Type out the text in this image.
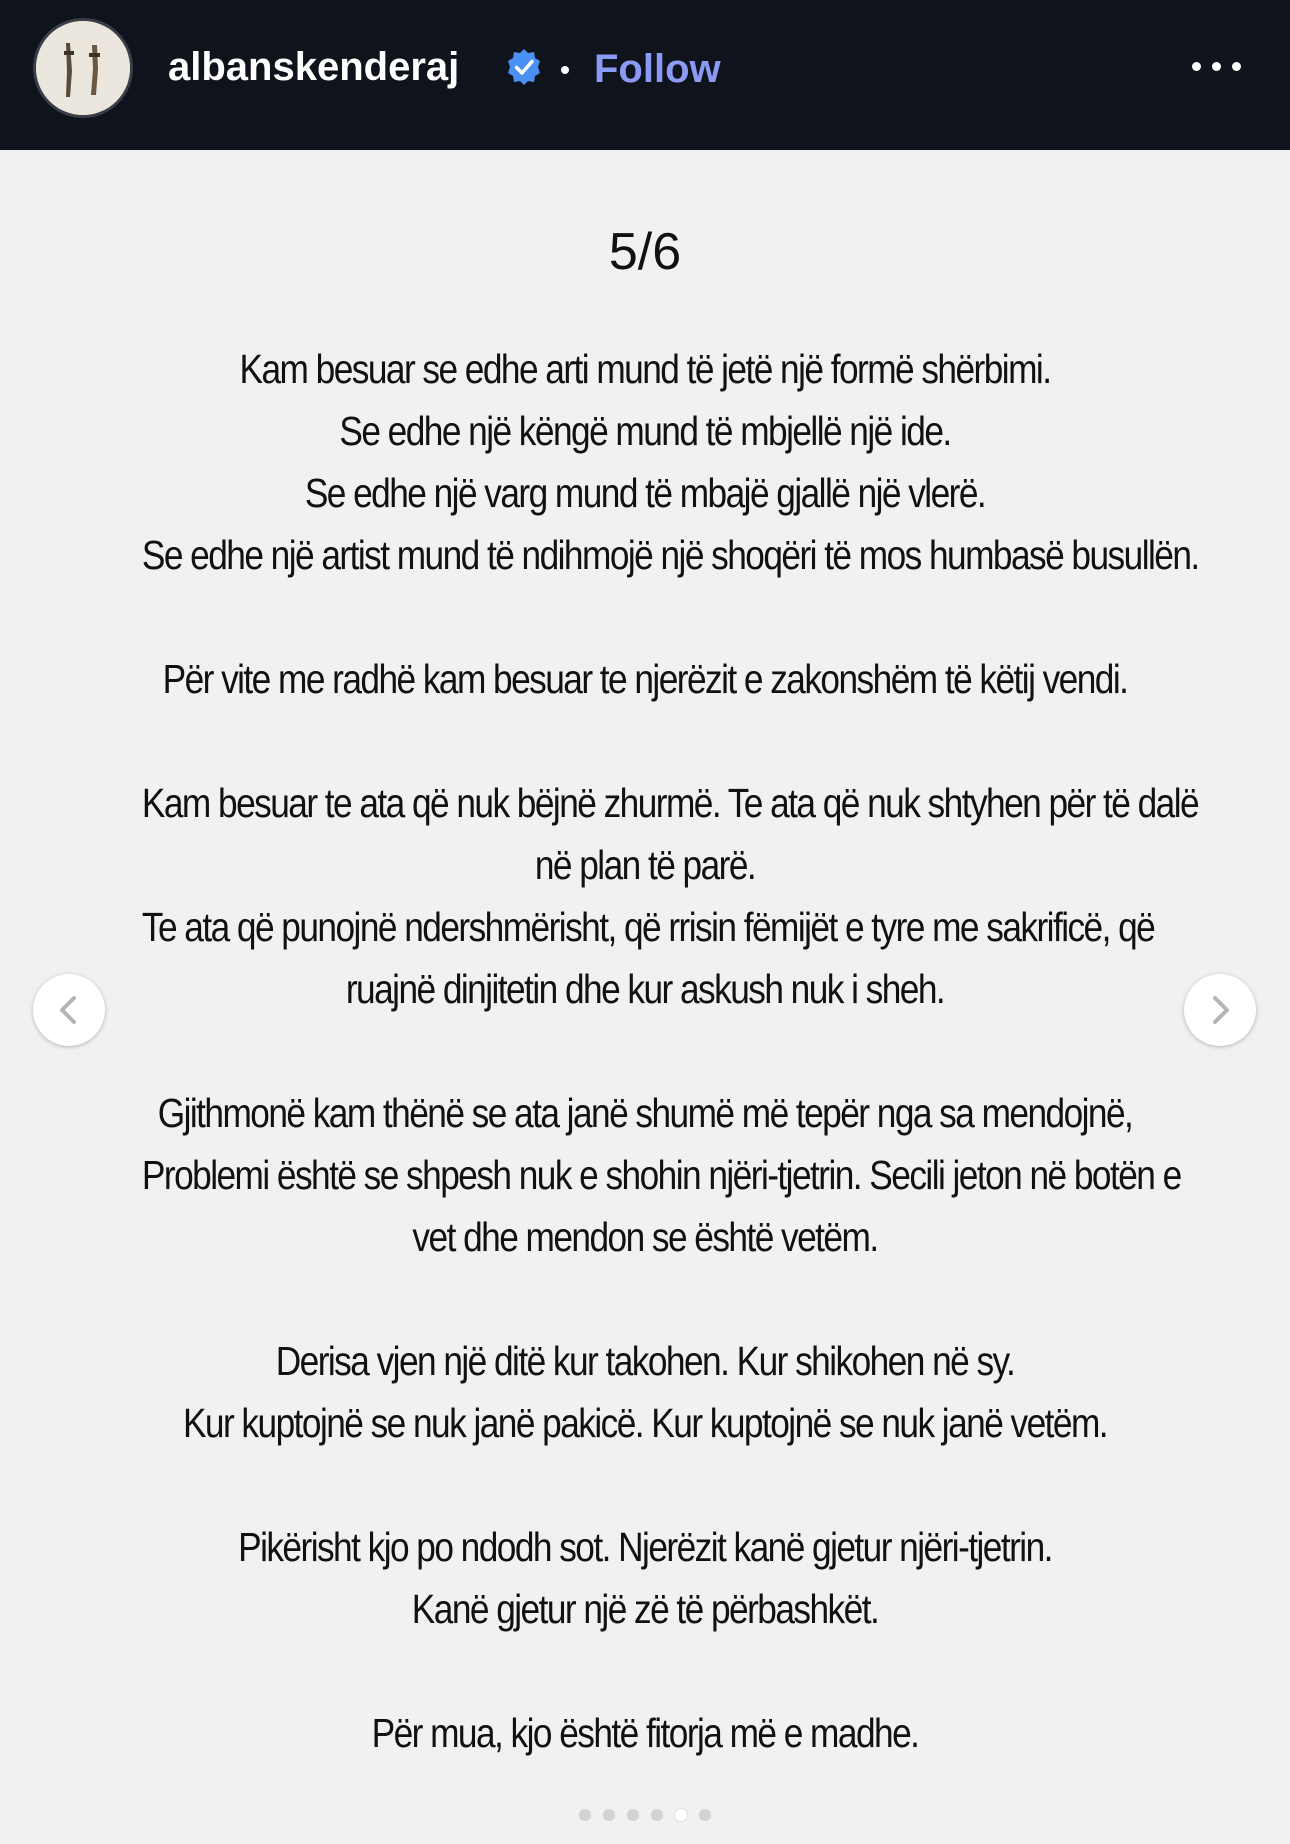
albanskenderaj	Follow
5/6
Kam besuar se edhe arti mund të jetë një formë shërbimi.
Se edhe një këngë mund të mbjellë një ide.
Se edhe një varg mund të mbajë gjallë një vlerë.
Se edhe një artist mund të ndihmojë një shoqëri të mos humbasë busullën.
Për vite me radhë kam besuar te njerëzit e zakonshëm të këtij vendi.
Kam besuar te ata që nuk bëjnë zhurmë. Te ata që nuk shtyhen për të dalë
në plan të parë.
Te ata që punojnë ndershmërisht, që rrisin fëmijët e tyre me sakrificë, që
ruajnë dinjitetin dhe kur askush nuk i sheh.
Gjithmonë kam thënë se ata janë shumë më tepër nga sa mendojnë,
Problemi është se shpesh nuk e shohin njëri-tjetrin. Secili jeton në botën e
vet dhe mendon se është vetëm.
Derisa vjen një ditë kur takohen. Kur shikohen në sy.
Kur kuptojnë se nuk janë pakicë. Kur kuptojnë se nuk janë vetëm.
Pikërisht kjo po ndodh sot. Njerëzit kanë gjetur njëri-tjetrin.
Kanë gjetur një zë të përbashkët.
Për mua, kjo është fitorja më e madhe.
